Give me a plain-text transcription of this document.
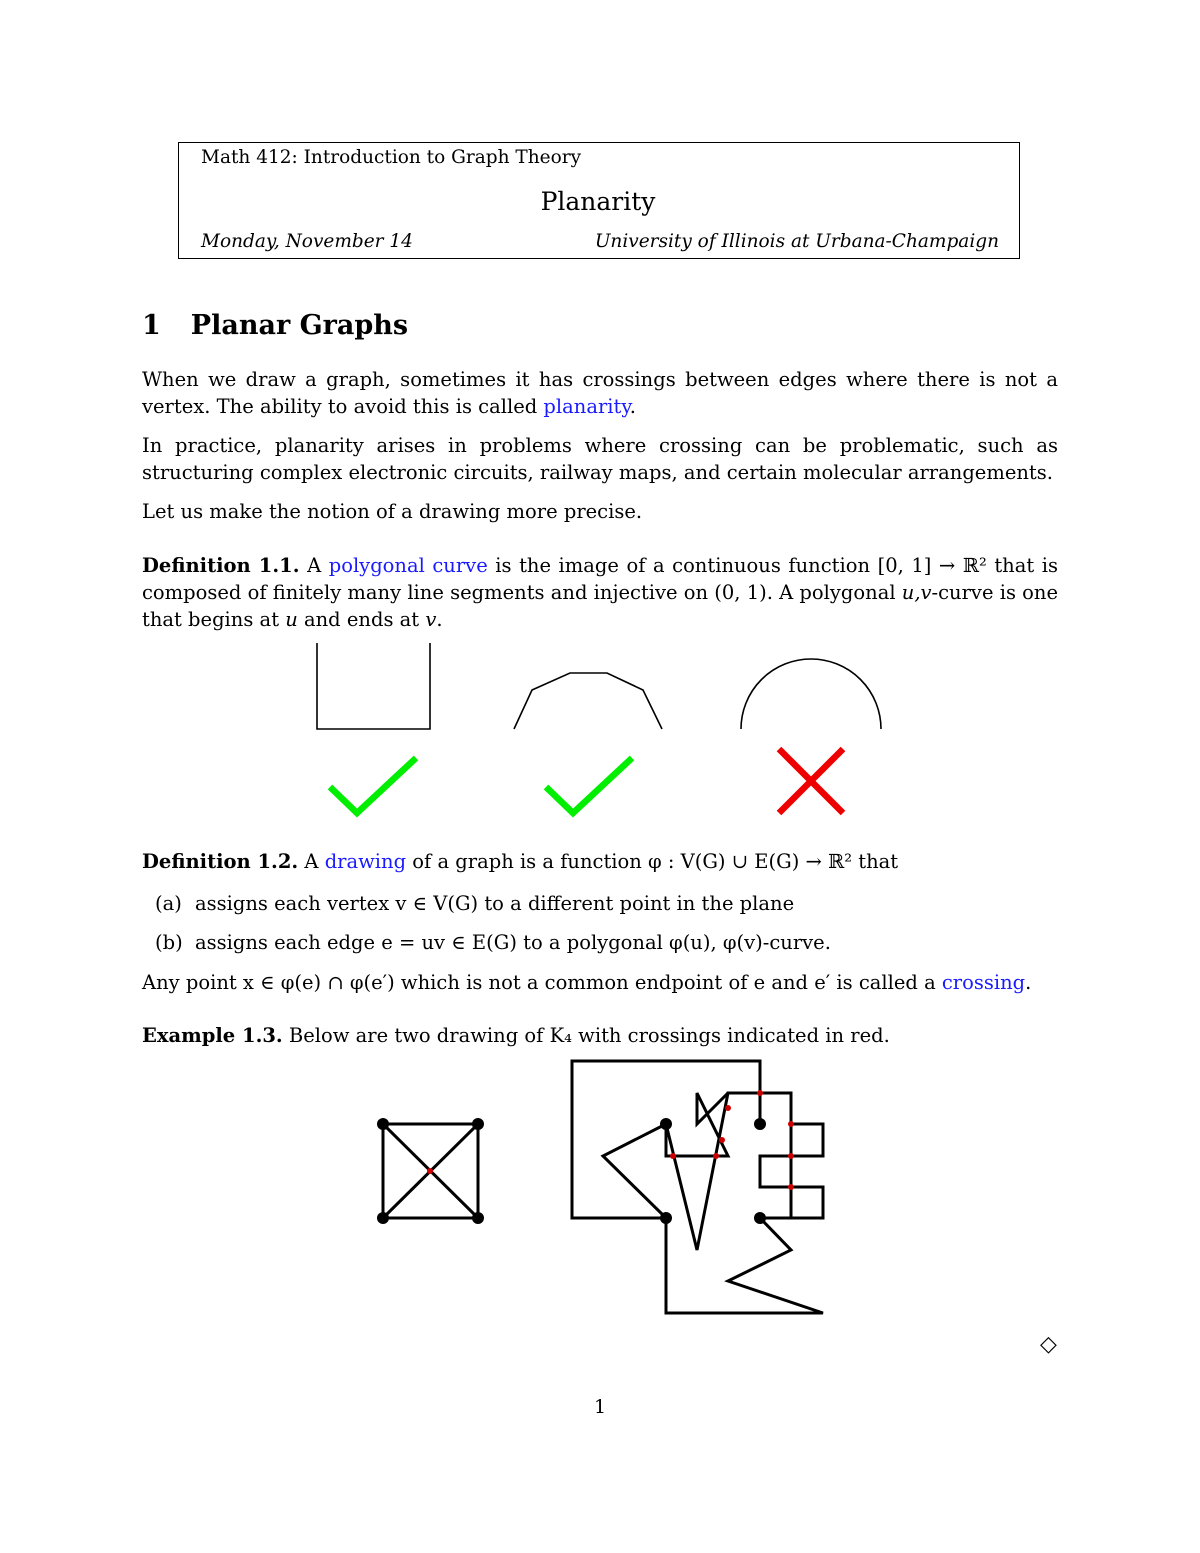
Math 412: Introduction to Graph Theory
Planarity
Monday, November 14	University of Illinois at Urbana-Champaign
1 Planar Graphs
When we draw a graph, sometimes it has crossings between edges where there is not a vertex. The ability to avoid this is called planarity.
In practice, planarity arises in problems where crossing can be problematic, such as structuring complex electronic circuits, railway maps, and certain molecular arrangements.
Let us make the notion of a drawing more precise.
Definition 1.1. A polygonal curve is the image of a continuous function [0, 1] → ℝ² that is composed of finitely many line segments and injective on (0, 1). A polygonal u,v-curve is one that begins at u and ends at v.
Definition 1.2. A drawing of a graph is a function φ : V(G) ∪ E(G) → ℝ² that
(a) assigns each vertex v ∈ V(G) to a different point in the plane
(b) assigns each edge e = uv ∈ E(G) to a polygonal φ(u), φ(v)-curve.
Any point x ∈ φ(e) ∩ φ(e′) which is not a common endpoint of e and e′ is called a crossing.
Example 1.3. Below are two drawing of K₄ with crossings indicated in red.
◇
1
